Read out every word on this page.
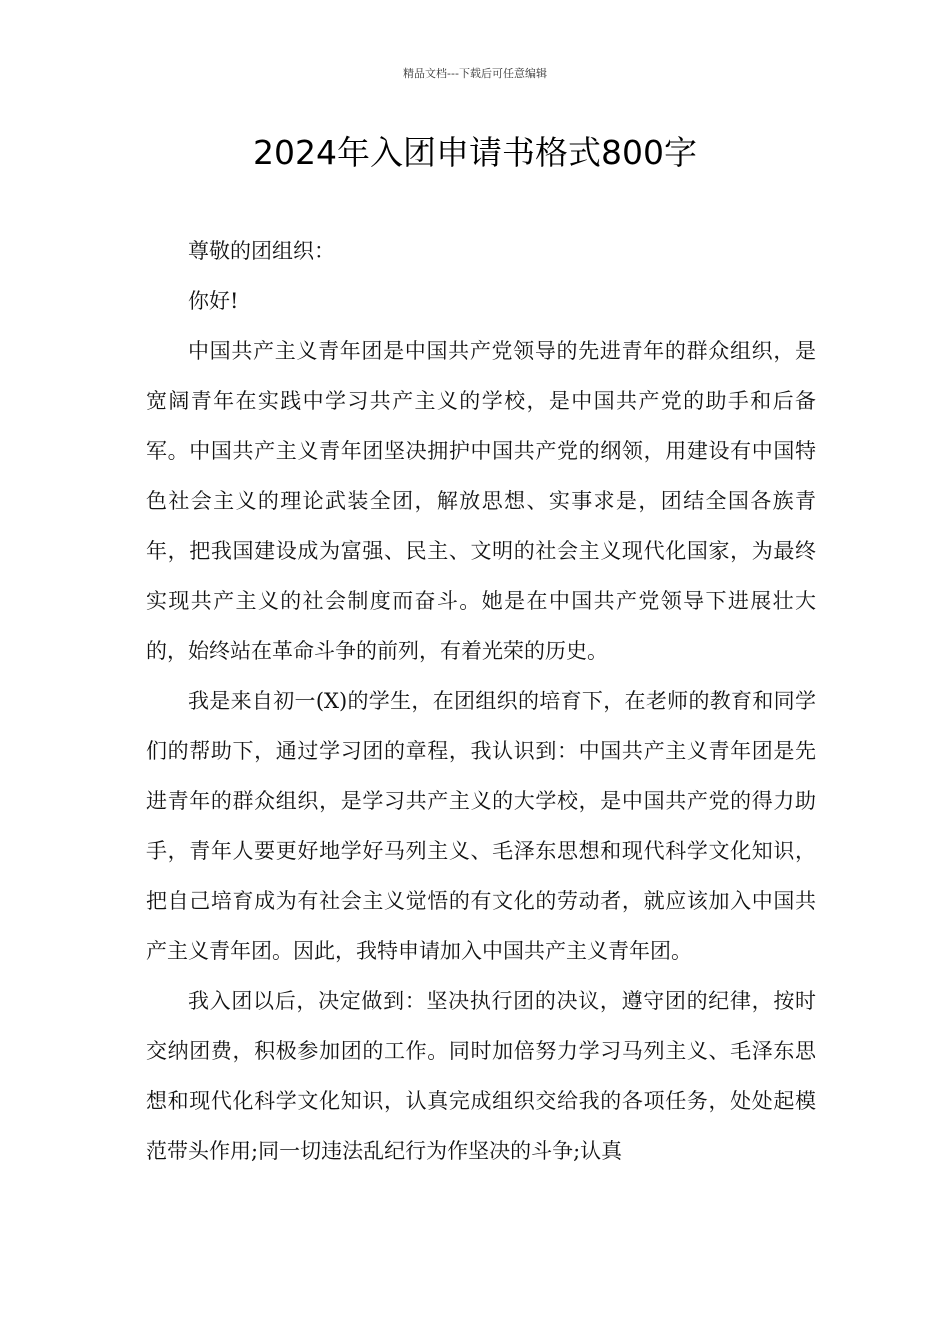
精品文档---下载后可任意编辑
2024年入团申请书格式800字

尊敬的团组织：

你好!

中国共产主义青年团是中国共产党领导的先进青年的群众组织，是宽阔青年在实践中学习共产主义的学校，是中国共产党的助手和后备军。中国共产主义青年团坚决拥护中国共产党的纲领，用建设有中国特色社会主义的理论武装全团，解放思想、实事求是，团结全国各族青年，把我国建设成为富强、民主、文明的社会主义现代化国家，为最终实现共产主义的社会制度而奋斗。她是在中国共产党领导下进展壮大的，始终站在革命斗争的前列，有着光荣的历史。

我是来自初一(X)的学生，在团组织的培育下，在老师的教育和同学们的帮助下，通过学习团的章程，我认识到：中国共产主义青年团是先进青年的群众组织，是学习共产主义的大学校，是中国共产党的得力助手，青年人要更好地学好马列主义、毛泽东思想和现代科学文化知识，把自己培育成为有社会主义觉悟的有文化的劳动者，就应该加入中国共产主义青年团。因此，我特申请加入中国共产主义青年团。

我入团以后，决定做到：坚决执行团的决议，遵守团的纪律，按时交纳团费，积极参加团的工作。同时加倍努力学习马列主义、毛泽东思想和现代化科学文化知识，认真完成组织交给我的各项任务，处处起模范带头作用;同一切违法乱纪行为作坚决的斗争;认真
